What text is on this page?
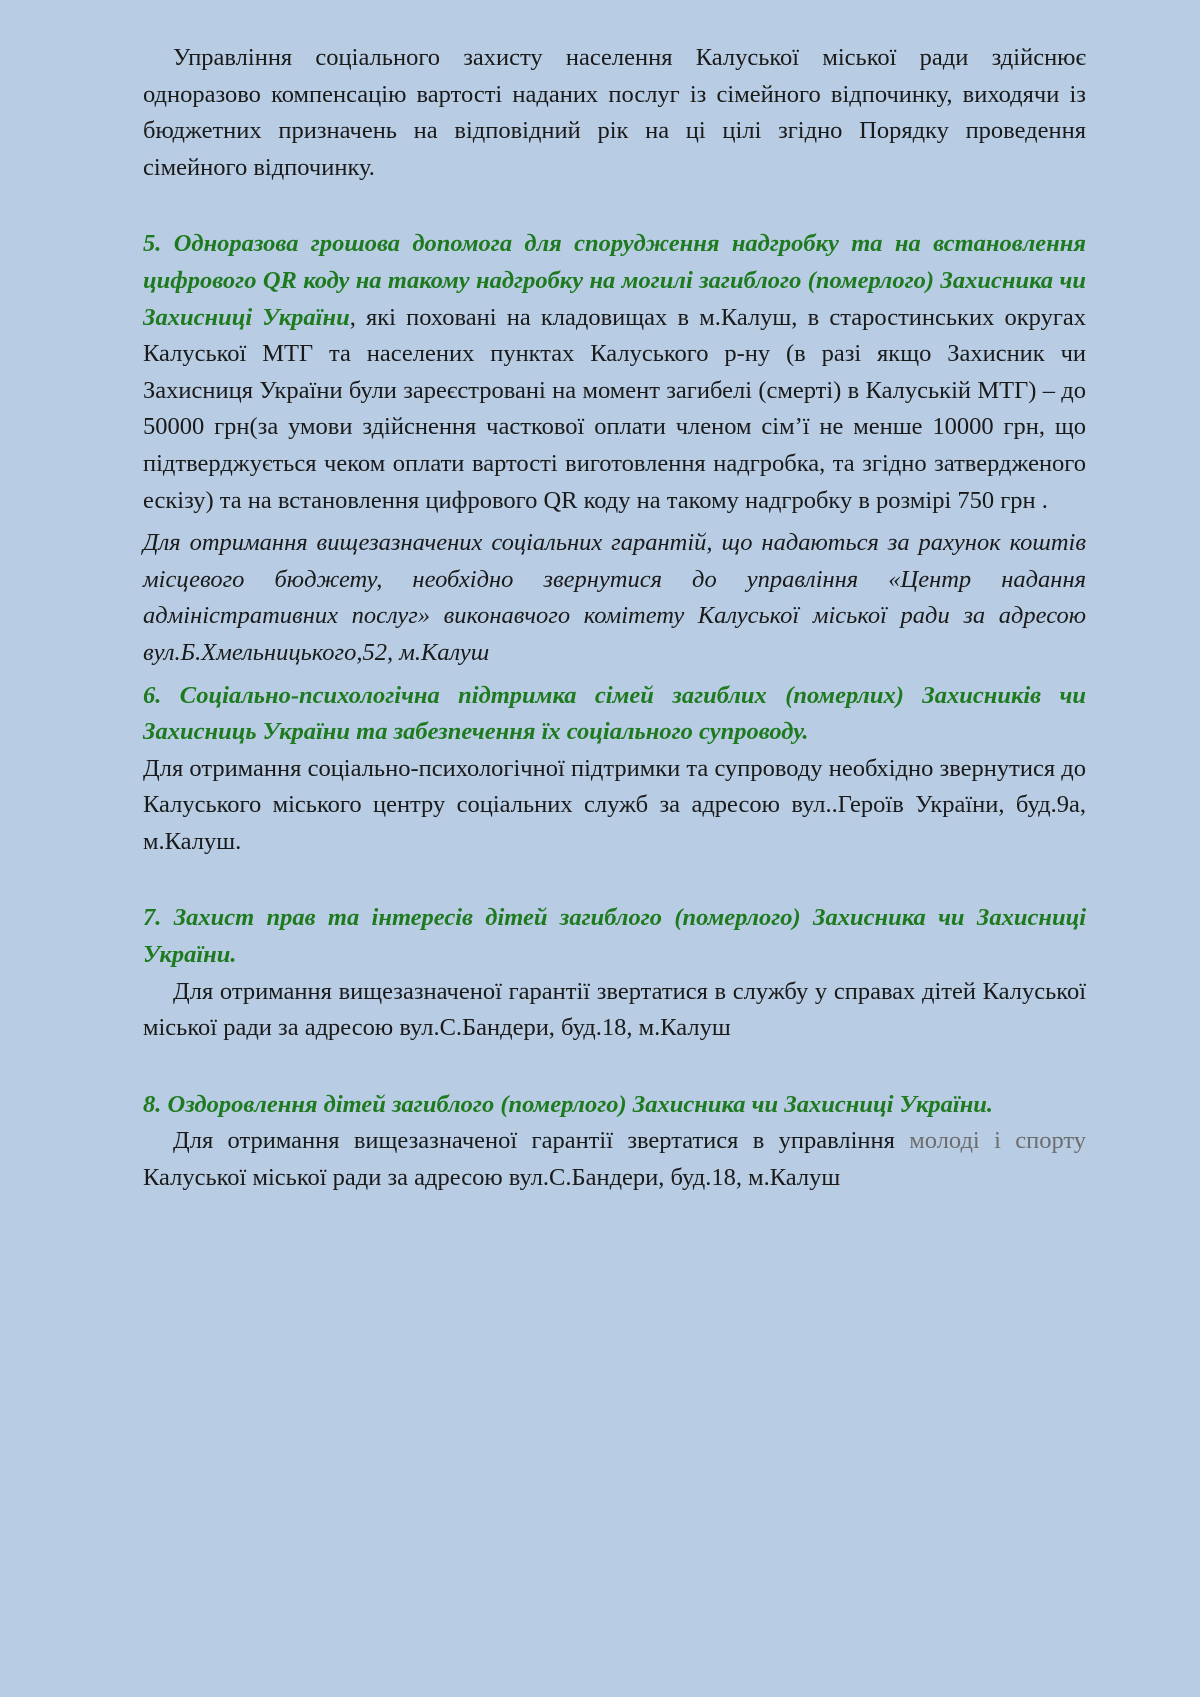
Управління соціального захисту населення Калуської міської ради здійснює одноразово компенсацію вартості наданих послуг із сімейного відпочинку, виходячи із бюджетних призначень на відповідний рік на ці цілі згідно Порядку проведення сімейного відпочинку.

5. Одноразова грошова допомога для спорудження надгробку та на встановлення цифрового QR коду на такому надгробку на могилі загиблого (померлого) Захисника чи Захисниці України, які поховані на кладовищах в м.Калуш, в старостинських округах Калуської МТГ та населених пунктах Калуського р-ну (в разі якщо Захисник чи Захисниця України були зареєстровані на момент загибелі (смерті) в Калуській МТГ) – до 50000 грн(за умови здійснення часткової оплати членом сім’ї не менше 10000 грн, що підтверджується чеком оплати вартості виготовлення надгробка, та згідно затвердженого ескізу) та на встановлення цифрового QR коду на такому надгробку в розмірі 750 грн .

Для отримання вищезазначених соціальних гарантій, що надаються за рахунок коштів місцевого бюджету, необхідно звернутися до управління «Центр надання адміністративних послуг» виконавчого комітету Калуської міської ради за адресою вул.Б.Хмельницького,52, м.Калуш

6. Соціально-психологічна підтримка сімей загиблих (померлих) Захисників чи Захисниць України та забезпечення їх соціального супроводу.

Для отримання соціально-психологічної підтримки та супроводу необхідно звернутися до Калуського міського центру соціальних служб за адресою вул..Героїв України, буд.9а, м.Калуш.

7. Захист прав та інтересів дітей загиблого (померлого) Захисника чи Захисниці України.

Для отримання вищезазначеної гарантії звертатися в службу у справах дітей Калуської міської ради за адресою вул.С.Бандери, буд.18, м.Калуш

8. Оздоровлення дітей загиблого (померлого) Захисника чи Захисниці України.

Для отримання вищезазначеної гарантії звертатися в управління молоді і спорту Калуської міської ради за адресою вул.С.Бандери, буд.18, м.Калуш
